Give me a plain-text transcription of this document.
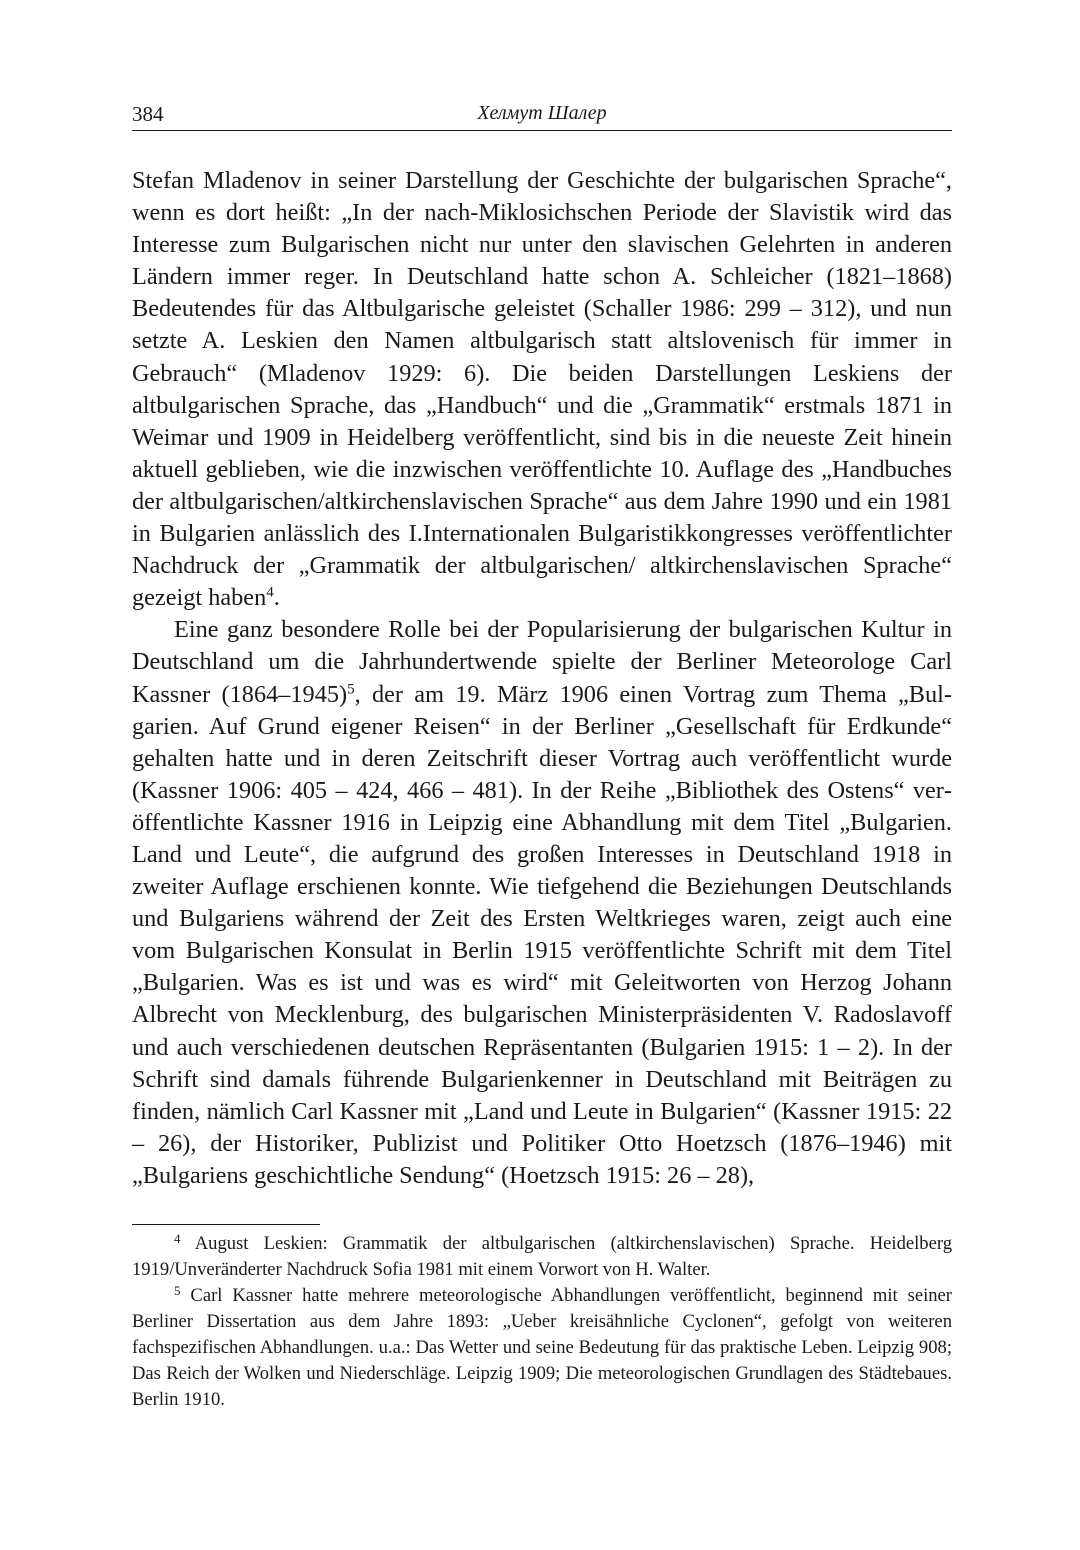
384	Хелмут Шалер

Stefan Mladenov in seiner Darstellung der Geschichte der bulgarischen Sprache“, wenn es dort heißt: „In der nach-Miklosichschen Periode der Slavistik wird das Interesse zum Bulgarischen nicht nur unter den slavischen Gelehrten in anderen Ländern immer reger. In Deutschland hatte schon A. Schleicher (1821–1868) Bedeutendes für das Altbulgarische geleistet (Schaller 1986: 299 – 312), und nun setzte A. Leskien den Namen altbulgarisch statt altslovenisch für immer in Gebrauch“ (Mladenov 1929: 6). Die beiden Darstellungen Leskiens der altbulgarischen Sprache, das „Handbuch“ und die „Grammatik“ erstmals 1871 in Weimar und 1909 in Heidelberg veröffentlicht, sind bis in die neueste Zeit hinein aktuell geblieben, wie die inzwischen veröffentlichte 10. Auflage des „Handbuches der altbulgarischen/altkirchenslavischen Sprache“ aus dem Jahre 1990 und ein 1981 in Bulgarien anlässlich des I.Internationalen Bulgaristikkongresses veröffentlichter Nachdruck der „Grammatik der altbulgarischen/ altkirchenslavischen Sprache“ gezeigt haben$^4$.

Eine ganz besondere Rolle bei der Popularisierung der bulgarischen Kultur in Deutschland um die Jahrhundertwende spielte der Berliner Meteorologe Carl Kassner (1864–1945)$^5$, der am 19. März 1906 einen Vortrag zum Thema „Bulgarien. Auf Grund eigener Reisen“ in der Berliner „Gesellschaft für Erdkunde“ gehalten hatte und in deren Zeitschrift dieser Vortrag auch veröffentlicht wurde (Kassner 1906: 405 – 424, 466 – 481). In der Reihe „Bibliothek des Ostens“ veröffentlichte Kassner 1916 in Leipzig eine Abhandlung mit dem Titel „Bulgarien. Land und Leute“, die aufgrund des großen Interesses in Deutschland 1918 in zweiter Auflage erschienen konnte. Wie tiefgehend die Beziehungen Deutschlands und Bulgariens während der Zeit des Ersten Weltkrieges waren, zeigt auch eine vom Bulgarischen Konsulat in Berlin 1915 veröffentlichte Schrift mit dem Titel „Bulgarien. Was es ist und was es wird“ mit Geleitworten von Herzog Johann Albrecht von Mecklenburg, des bulgarischen Ministerpräsidenten V. Radoslavoff und auch verschiedenen deutschen Repräsentanten (Bulgarien 1915: 1 – 2). In der Schrift sind damals führende Bulgarienkenner in Deutschland mit Beiträgen zu finden, nämlich Carl Kassner mit „Land und Leute in Bulgarien“ (Kassner 1915: 22 – 26), der Historiker, Publizist und Politiker Otto Hoetzsch (1876–1946) mit „Bulgariens geschichtliche Sendung“ (Hoetzsch 1915: 26 – 28),

$^4$ August Leskien: Grammatik der altbulgarischen (altkirchenslavischen) Sprache. Heidelberg 1919/Unveränderter Nachdruck Sofia 1981 mit einem Vorwort von H. Walter.

$^5$ Carl Kassner hatte mehrere meteorologische Abhandlungen veröffentlicht, beginnend mit seiner Berliner Dissertation aus dem Jahre 1893: „Ueber kreisähnliche Cyclonen“, gefolgt von weiteren fachspezifischen Abhandlungen. u.a.: Das Wetter und seine Bedeutung für das praktische Leben. Leipzig 908; Das Reich der Wolken und Niederschläge. Leipzig 1909; Die meteorologischen Grundlagen des Städtebaues. Berlin 1910.
